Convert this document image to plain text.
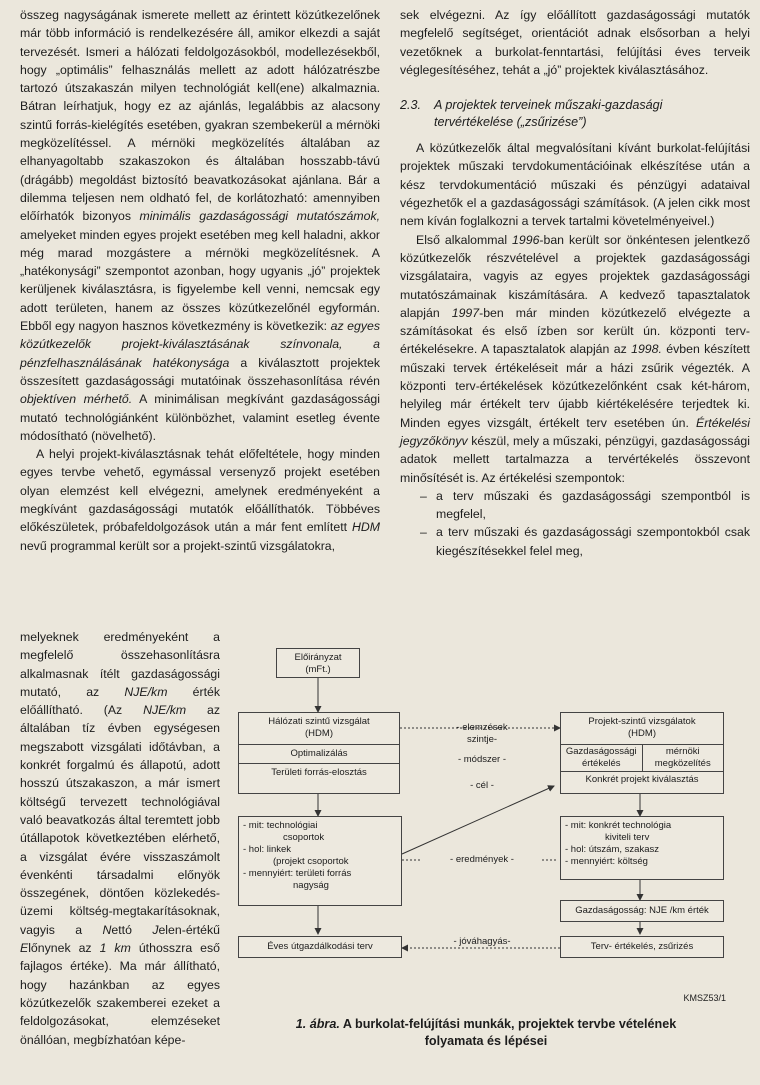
összeg nagyságának ismerete mellett az érintett közútkezelőnek már több információ is rendelkezésére áll, amikor elkezdi a saját tervezését. Ismeri a hálózati feldolgozásokból, modellezésekből, hogy „optimális” felhasználás mellett az adott hálózatrészbe tartozó útszakaszán milyen technológiát kell(ene) alkalmaznia. Bátran leírhatjuk, hogy ez az ajánlás, legalábbis az alacsony szintű forrás-kielégítés esetében, gyakran szembekerül a mérnöki megközelítéssel. A mérnöki megközelítés általában az elhanyagoltabb szakaszokon és általában hosszabb-távú (drágább) megoldást biztosító beavatkozásokat ajánlana. Bár a dilemma teljesen nem oldható fel, de korlátozható: amennyiben előírhatók bizonyos minimális gazdaságossági mutatószámok, amelyeket minden egyes projekt esetében meg kell haladni, akkor még marad mozgástere a mérnöki megközelítésnek. A „hatékonysági” szempontot azonban, hogy ugyanis „jó” projektek kerüljenek kiválasztásra, is figyelembe kell venni, nemcsak egy adott területen, hanem az összes közútkezelőnél egyformán. Ebből egy nagyon hasznos következmény is következik: az egyes közútkezelők projekt-kiválasztásának színvonala, a pénzfelhasználásának hatékonysága a kiválasztott projektek összesített gazdaságossági mutatóinak összehasonlítása révén objektíven mérhető. A minimálisan megkívánt gazdaságossági mutató technológiánként különbözhet, valamint esetleg évente módosítható (növelhető).

A helyi projekt-kiválasztásnak tehát előfeltétele, hogy minden egyes tervbe vehető, egymással versenyző projekt esetében olyan elemzést kell elvégezni, amelynek eredményeként a megkívánt gazdaságossági mutatók előállíthatók. Többéves előkészületek, próbafeldolgozások után a már fent említett HDM nevű programmal került sor a projekt-szintű vizsgálatokra,

melyeknek eredményeként a megfelelő összehasonlításra alkalmasnak ítélt gazdaságossági mutató, az NJE/km érték előállítható. (Az NJE/km az általában tíz évben egységesen megszabott vizsgálati időtávban, a konkrét forgalmú és állapotú, adott hosszú útszakaszon, a már ismert költségű tervezett technológiával való beavatkozás által teremtett jobb útállapotok következtében elérhető, a vizsgálat évére visszaszámolt évenkénti társadalmi előnyök összegének, döntően közlekedés-üzemi költség-megtakarításoknak, vagyis a Nettó Jelen-értékű Előnynek az 1 km úthosszra eső fajlagos értéke). Ma már állítható, hogy hazánkban az egyes közútkezelők szakemberei ezeket a feldolgozásokat, elemzéseket önállóan, megbízhatóan képe-

sek elvégezni. Az így előállított gazdaságossági mutatók megfelelő segítséget, orientációt adnak elsősorban a helyi vezetőknek a burkolat-fenntartási, felújítási éves terveik véglegesítéséhez, tehát a „jó” projektek kiválasztásához.

2.3. A projektek terveinek műszaki-gazdasági
tervértékelése („zsűrizése”)

A közútkezelők által megvalósítani kívánt burkolat-felújítási projektek műszaki tervdokumentációinak elkészítése után a kész tervdokumentáció műszaki és pénzügyi adataival végezhetők el a gazdaságossági számítások. (A jelen cikk most nem kíván foglalkozni a tervek tartalmi követelményeivel.)

Első alkalommal 1996-ban került sor önkéntesen jelentkező közútkezelők részvételével a projektek gazdaságossági vizsgálataira, vagyis az egyes projektek gazdaságossági mutatószámainak kiszámítására. A kedvező tapasztalatok alapján 1997-ben már minden közútkezelő elvégezte a számításokat és első ízben sor került ún. központi terv-értékelésekre. A tapasztalatok alapján az 1998. évben készített műszaki tervek értékeléseit már a házi zsűrik végezték. A központi terv-értékelések közútkezelőnként csak két-három, helyileg már értékelt terv újabb kiértékelésére terjedtek ki. Minden egyes vizsgált, értékelt terv esetében ún. Értékelési jegyzőkönyv készül, mely a műszaki, pénzügyi, gazdaságossági adatok mellett tartalmazza a tervértékelés összevont minősítését is. Az értékelési szempontok:

– a terv műszaki és gazdaságossági szempontból is megfelel,
– a terv műszaki és gazdaságossági szempontokból csak kiegészítésekkel felel meg,
Előirányzat
(mFt.)
Hálózati szintű vizsgálat
(HDM)
Optimalizálás
Területi forrás-elosztás
Projekt-szintű vizsgálatok
(HDM)
Gazdaságossági
értékelés
mérnöki
megközelítés
Konkrét projekt kiválasztás
- elemzések
szintje-
- módszer -
- cél -
- eredmények -
- jóváhagyás-
- mit: technológiai
csoportok
- hol: linkek
(projekt csoportok
- mennyiért: területi forrás
nagyság
- mit: konkrét technológia
kiviteli terv
- hol: útszám, szakasz
- mennyiért: költség
Gazdaságosság: NJE /km érték
Éves útgazdálkodási terv	Terv- értékelés, zsűrizés
KMSZ53/1
1. ábra. A burkolat-felújítási munkák, projektek tervbe vételének
folyamata és lépései
